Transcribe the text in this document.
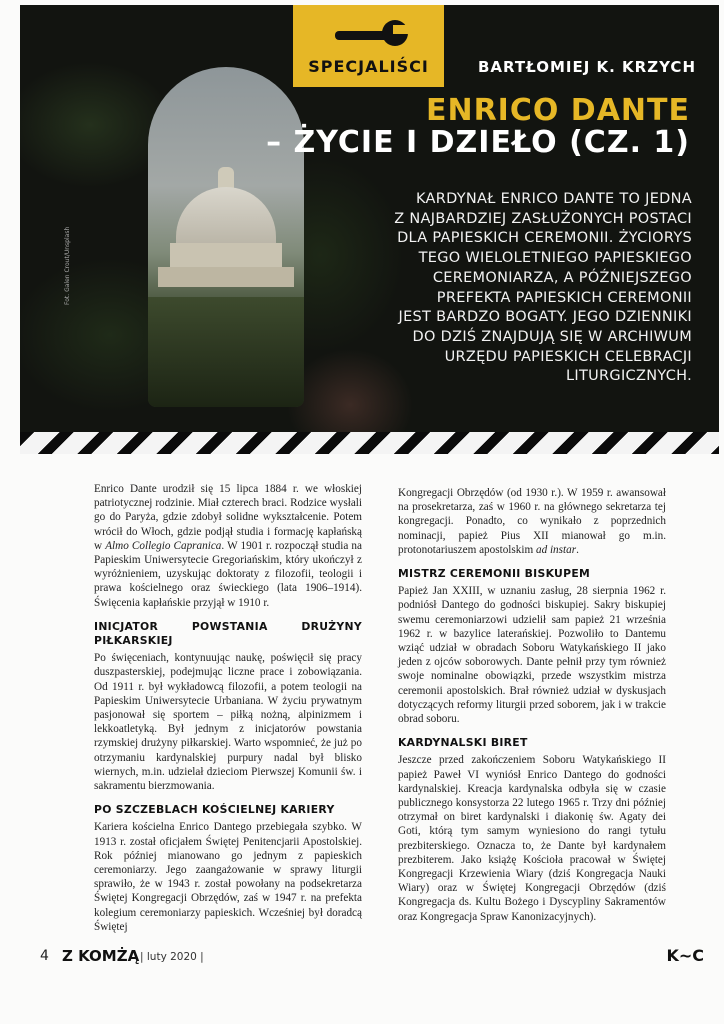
Fot. Galen Crout/Unsplash
SPECJALIŚCI	BARTŁOMIEJ K. KRZYCH
ENRICO DANTE
– ŻYCIE I DZIEŁO (CZ. 1)
KARDYNAŁ ENRICO DANTE TO JEDNA
Z NAJBARDZIEJ ZASŁUŻONYCH POSTACI
DLA PAPIESKICH CEREMONII. ŻYCIORYS
TEGO WIELOLETNIEGO PAPIESKIEGO
CEREMONIARZA, A PÓŹNIEJSZEGO
PREFEKTA PAPIESKICH CEREMONII
JEST BARDZO BOGATY. JEGO DZIENNIKI
DO DZIŚ ZNAJDUJĄ SIĘ W ARCHIWUM
URZĘDU PAPIESKICH CELEBRACJI
LITURGICZNYCH.

Enrico Dante urodził się 15 lipca 1884 r. we włoskiej patriotycznej rodzinie. Miał czterech braci. Rodzice wysłali go do Paryża, gdzie zdobył solidne wykształcenie. Potem wrócił do Włoch, gdzie podjął studia i formację kapłańską w Almo Collegio Capranica. W 1901 r. rozpoczął studia na Papieskim Uniwersytecie Gregoriańskim, który ukończył z wyróżnieniem, uzyskując doktoraty z filozofii, teologii i prawa kościelnego oraz świeckiego (lata 1906–1914). Święcenia kapłańskie przyjął w 1910 r.

INICJATOR POWSTANIA DRUŻYNY PIŁKARSKIEJ

Po święceniach, kontynuując naukę, poświęcił się pracy duszpasterskiej, podejmując liczne prace i zobowiązania. Od 1911 r. był wykładowcą filozofii, a potem teologii na Papieskim Uniwersytecie Urbaniana. W życiu prywatnym pasjonował się sportem – piłką nożną, alpinizmem i lekkoatletyką. Był jednym z inicjatorów powstania rzymskiej drużyny piłkarskiej. Warto wspomnieć, że już po otrzymaniu kardynalskiej purpury nadal był blisko wiernych, m.in. udzielał dzieciom Pierwszej Komunii św. i sakramentu bierzmowania.

PO SZCZEBLACH KOŚCIELNEJ KARIERY

Kariera kościelna Enrico Dantego przebiegała szybko. W 1913 r. został oficjałem Świętej Penitencjarii Apostolskiej. Rok później mianowano go jednym z papieskich ceremoniarzy. Jego zaangażowanie w sprawy liturgii sprawiło, że w 1943 r. został powołany na podsekretarza Świętej Kongregacji Obrzędów, zaś w 1947 r. na prefekta kolegium ceremoniarzy papieskich. Wcześniej był doradcą Świętej

Kongregacji Obrzędów (od 1930 r.). W 1959 r. awansował na prosekretarza, zaś w 1960 r. na głównego sekretarza tej kongregacji. Ponadto, co wynikało z poprzednich nominacji, papież Pius XII mianował go m.in. protonotariuszem apostolskim ad instar.

MISTRZ CEREMONII BISKUPEM

Papież Jan XXIII, w uznaniu zasług, 28 sierpnia 1962 r. podniósł Dantego do godności biskupiej. Sakry biskupiej swemu ceremoniarzowi udzielił sam papież 21 września 1962 r. w bazylice laterańskiej. Pozwoliło to Dantemu wziąć udział w obradach Soboru Watykańskiego II jako jeden z ojców soborowych. Dante pełnił przy tym również swoje nominalne obowiązki, przede wszystkim mistrza ceremonii apostolskich. Brał również udział w dyskusjach dotyczących reformy liturgii przed soborem, jak i w trakcie obrad soboru.

KARDYNALSKI BIRET

Jeszcze przed zakończeniem Soboru Watykańskiego II papież Paweł VI wyniósł Enrico Dantego do godności kardynalskiej. Kreacja kardynalska odbyła się w czasie publicznego konsystorza 22 lutego 1965 r. Trzy dni później otrzymał on biret kardynalski i diakonię św. Agaty dei Goti, którą tym samym wyniesiono do rangi tytułu prezbiterskiego. Oznacza to, że Dante był kardynałem prezbiterem. Jako książę Kościoła pracował w Świętej Kongregacji Krzewienia Wiary (dziś Kongregacja Nauki Wiary) oraz w Świętej Kongregacji Obrzędów (dziś Kongregacja ds. Kultu Bożego i Dyscypliny Sakramentów oraz Kongregacja Spraw Kanonizacyjnych).

4 Z KOMŻĄ | luty 2020 |	K~C
